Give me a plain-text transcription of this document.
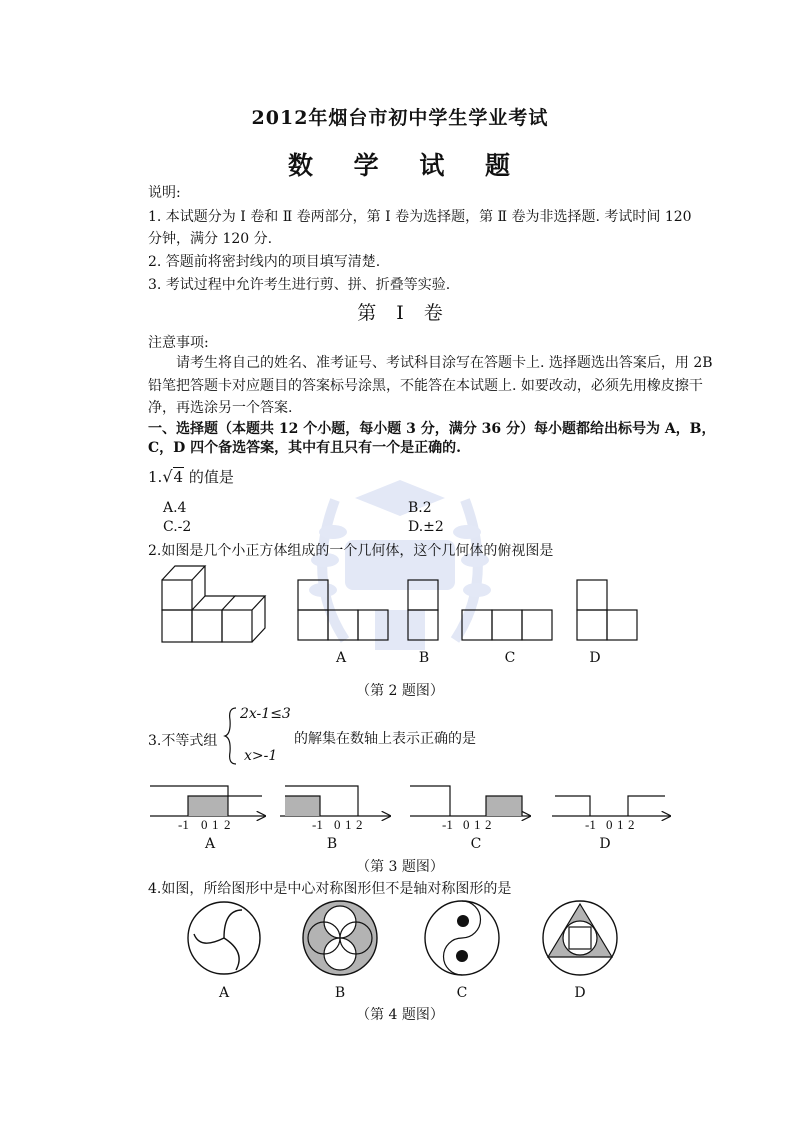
2012年烟台市初中学生学业考试
数 学 试 题
说明:
1. 本试题分为 Ⅰ 卷和 Ⅱ 卷两部分，第 Ⅰ 卷为选择题，第 Ⅱ 卷为非选择题. 考试时间 120
分钟，满分 120 分.
2. 答题前将密封线内的项目填写清楚.
3. 考试过程中允许考生进行剪、拼、折叠等实验.
第 Ⅰ 卷
注意事项:
请考生将自己的姓名、准考证号、考试科目涂写在答题卡上. 选择题选出答案后，用 2B
铅笔把答题卡对应题目的答案标号涂黑，不能答在本试题上. 如要改动，必须先用橡皮擦干
净，再选涂另一个答案.
一、选择题（本题共 12 个小题，每小题 3 分，满分 36 分）每小题都给出标号为 A，B，
C，D 四个备选答案，其中有且只有一个是正确的.
1.√4 的值是
A.4	B.2
C.-2	D.±2
2.如图是几个小正方体组成的一个几何体，这个几何体的俯视图是
A	B	C	D
（第 2 题图）
3.不等式组
2x-1≤3
x>-1
的解集在数轴上表示正确的是
-1 0 1 2	-1 0 1 2	-1 0 1 2	-1 0 1 2
A	B	C	D
（第 3 题图）
4.如图，所给图形中是中心对称图形但不是轴对称图形的是
A	B	C	D
（第 4 题图）
